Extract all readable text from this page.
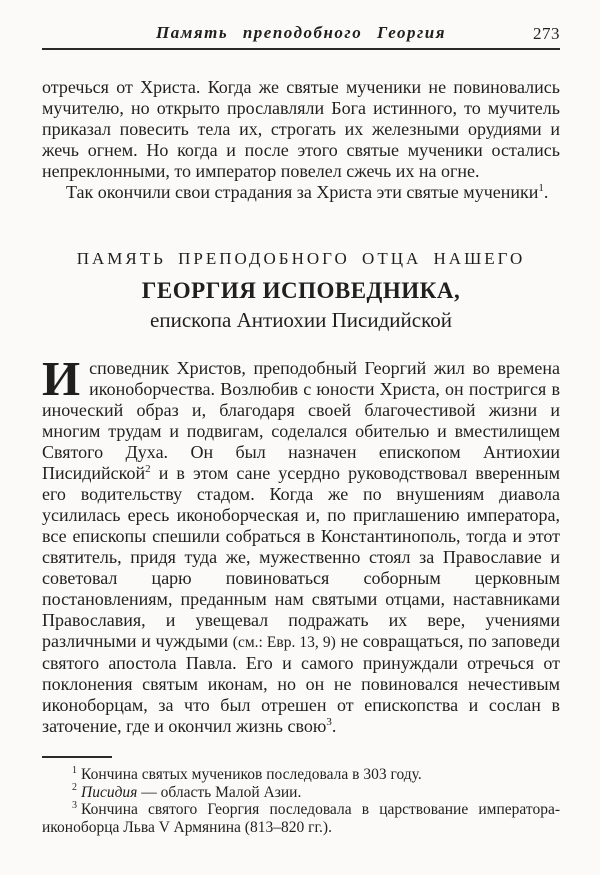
Память преподобного Георгия	273

отречься от Христа. Когда же святые мученики не повиновались мучителю, но открыто прославляли Бога истинного, то мучитель приказал повесить тела их, строгать их железными орудиями и жечь огнем. Но когда и после этого святые мученики остались непреклонными, то император повелел сжечь их на огне.

Так окончили свои страдания за Христа эти святые мученики$^1$.

ПАМЯТЬ ПРЕПОДОБНОГО ОТЦА НАШЕГО
ГЕОРГИЯ ИСПОВЕДНИКА,
епископа Антиохии Писидийской

Исповедник Христов, преподобный Георгий жил во времена иконоборчества. Возлюбив с юности Христа, он постригся в иноческий образ и, благодаря своей благочестивой жизни и многим трудам и подвигам, соделался обителью и вместилищем Святого Духа. Он был назначен епископом Антиохии Писидийской$^2$ и в этом сане усердно руководствовал вверенным его водительству стадом. Когда же по внушениям диавола усилилась ересь иконоборческая и, по приглашению императора, все епископы спешили собраться в Константинополь, тогда и этот святитель, придя туда же, мужественно стоял за Православие и советовал царю повиноваться соборным церковным постановлениям, преданным нам святыми отцами, наставниками Православия, и увещевал подражать их вере, учениями различными и чуждыми (см.: Евр. 13, 9) не совращаться, по заповеди святого апостола Павла. Его и самого принуждали отречься от поклонения святым иконам, но он не повиновался нечестивым иконоборцам, за что был отрешен от епископства и сослан в заточение, где и окончил жизнь свою$^3$.

$^1$ Кончина святых мучеников последовала в 303 году.

$^2$ Писидия — область Малой Азии.

$^3$ Кончина святого Георгия последовала в царствование императора-иконоборца Льва V Армянина (813–820 гг.).
